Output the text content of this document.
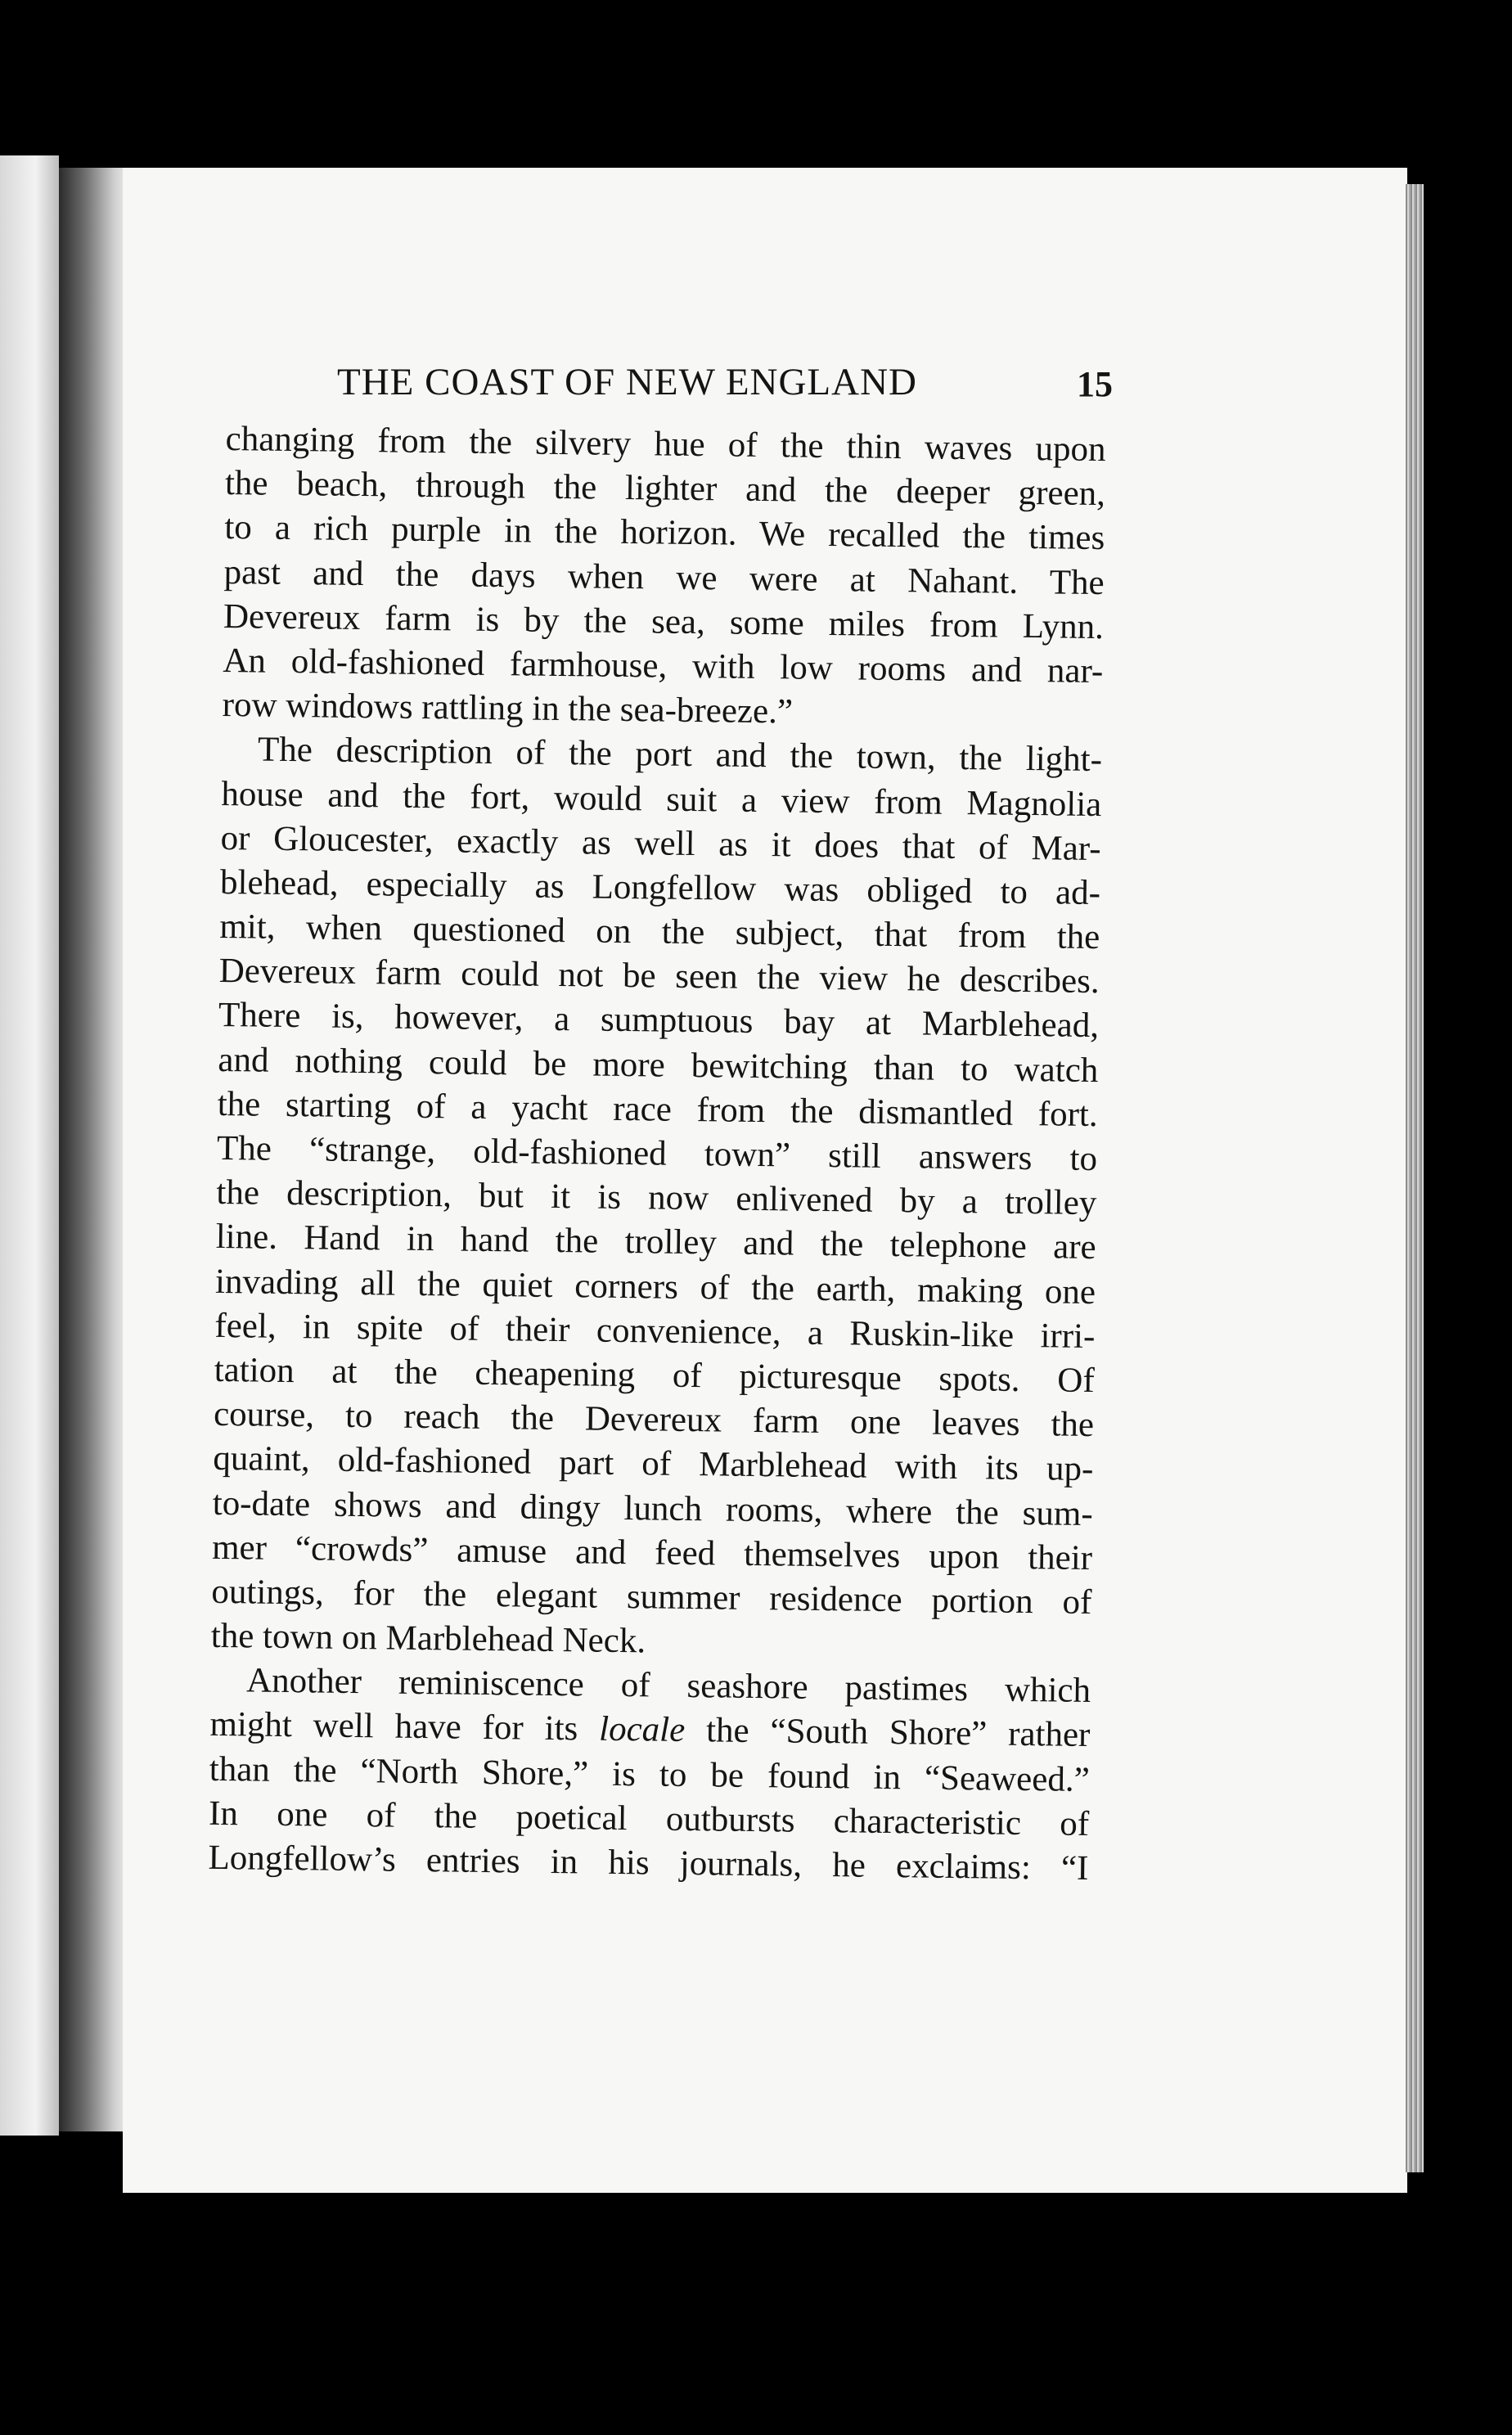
THE COAST OF NEW ENGLAND	15
changing from the silvery hue of the thin waves upon
the beach, through the lighter and the deeper green,
to a rich purple in the horizon. We recalled the times
past and the days when we were at Nahant. The
Devereux farm is by the sea, some miles from Lynn.
An old-fashioned farmhouse, with low rooms and nar-
row windows rattling in the sea-breeze.”
The description of the port and the town, the light-
house and the fort, would suit a view from Magnolia
or Gloucester, exactly as well as it does that of Mar-
blehead, especially as Longfellow was obliged to ad-
mit, when questioned on the subject, that from the
Devereux farm could not be seen the view he describes.
There is, however, a sumptuous bay at Marblehead,
and nothing could be more bewitching than to watch
the starting of a yacht race from the dismantled fort.
The “strange, old-fashioned town” still answers to
the description, but it is now enlivened by a trolley
line. Hand in hand the trolley and the telephone are
invading all the quiet corners of the earth, making one
feel, in spite of their convenience, a Ruskin-like irri-
tation at the cheapening of picturesque spots. Of
course, to reach the Devereux farm one leaves the
quaint, old-fashioned part of Marblehead with its up-
to-date shows and dingy lunch rooms, where the sum-
mer “crowds” amuse and feed themselves upon their
outings, for the elegant summer residence portion of
the town on Marblehead Neck.
Another reminiscence of seashore pastimes which
might well have for its locale the “South Shore” rather
than the “North Shore,” is to be found in “Seaweed.”
In one of the poetical outbursts characteristic of
Longfellow’s entries in his journals, he exclaims: “I
